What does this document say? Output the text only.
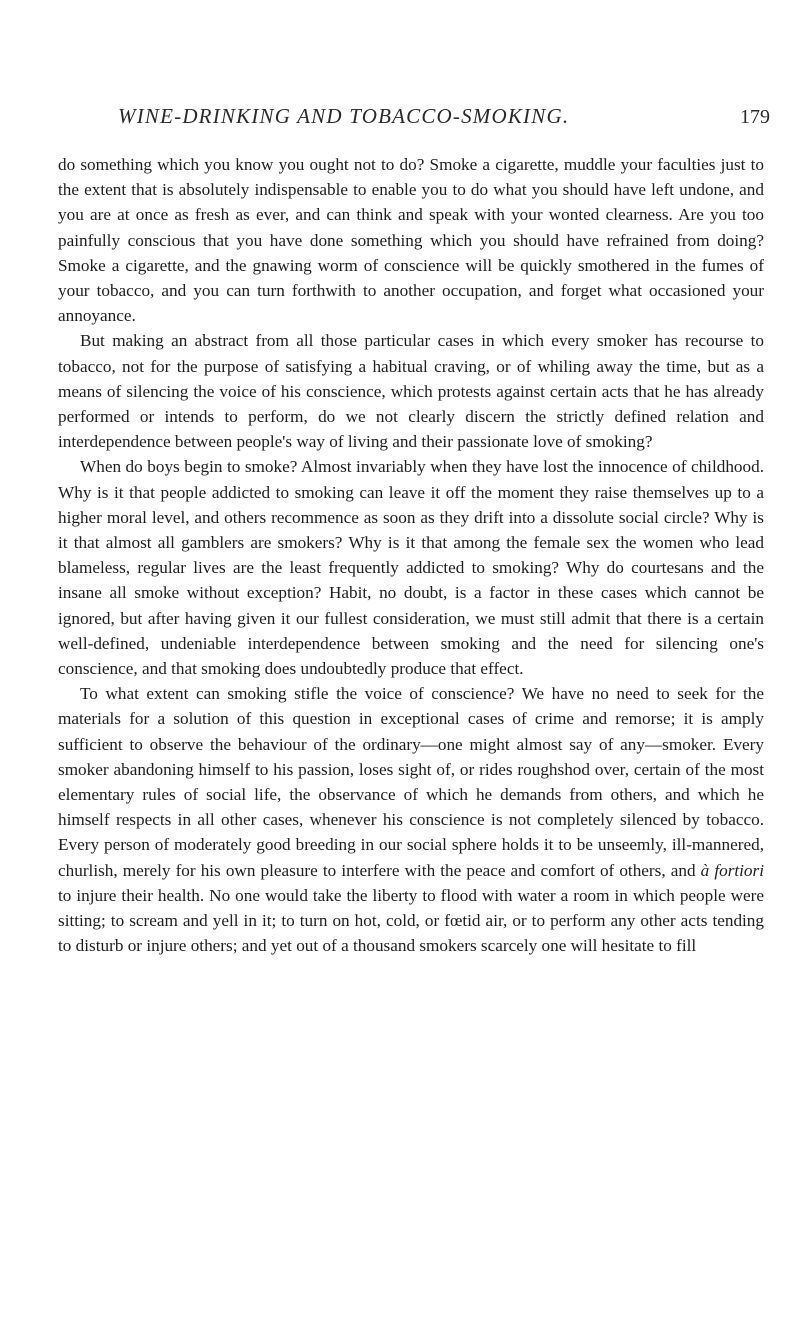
WINE-DRINKING AND TOBACCO-SMOKING.	179

do something which you know you ought not to do? Smoke a cigarette, muddle your faculties just to the extent that is absolutely indispensable to enable you to do what you should have left undone, and you are at once as fresh as ever, and can think and speak with your wonted clearness. Are you too painfully conscious that you have done something which you should have refrained from doing? Smoke a cigarette, and the gnawing worm of conscience will be quickly smothered in the fumes of your tobacco, and you can turn forthwith to another occupation, and forget what occasioned your annoyance.

But making an abstract from all those particular cases in which every smoker has recourse to tobacco, not for the purpose of satisfying a habitual craving, or of whiling away the time, but as a means of silencing the voice of his conscience, which protests against certain acts that he has already performed or intends to perform, do we not clearly discern the strictly defined relation and interdependence between people's way of living and their passionate love of smoking?

When do boys begin to smoke? Almost invariably when they have lost the innocence of childhood. Why is it that people addicted to smoking can leave it off the moment they raise themselves up to a higher moral level, and others recommence as soon as they drift into a dissolute social circle? Why is it that almost all gamblers are smokers? Why is it that among the female sex the women who lead blameless, regular lives are the least frequently addicted to smoking? Why do courtesans and the insane all smoke without exception? Habit, no doubt, is a factor in these cases which cannot be ignored, but after having given it our fullest consideration, we must still admit that there is a certain well-defined, undeniable interdependence between smoking and the need for silencing one's conscience, and that smoking does undoubtedly produce that effect.

To what extent can smoking stifle the voice of conscience? We have no need to seek for the materials for a solution of this question in exceptional cases of crime and remorse; it is amply sufficient to observe the behaviour of the ordinary—one might almost say of any—smoker. Every smoker abandoning himself to his passion, loses sight of, or rides roughshod over, certain of the most elementary rules of social life, the observance of which he demands from others, and which he himself respects in all other cases, whenever his conscience is not completely silenced by tobacco. Every person of moderately good breeding in our social sphere holds it to be unseemly, ill-mannered, churlish, merely for his own pleasure to interfere with the peace and comfort of others, and à fortiori to injure their health. No one would take the liberty to flood with water a room in which people were sitting; to scream and yell in it; to turn on hot, cold, or fœtid air, or to perform any other acts tending to disturb or injure others; and yet out of a thousand smokers scarcely one will hesitate to fill
